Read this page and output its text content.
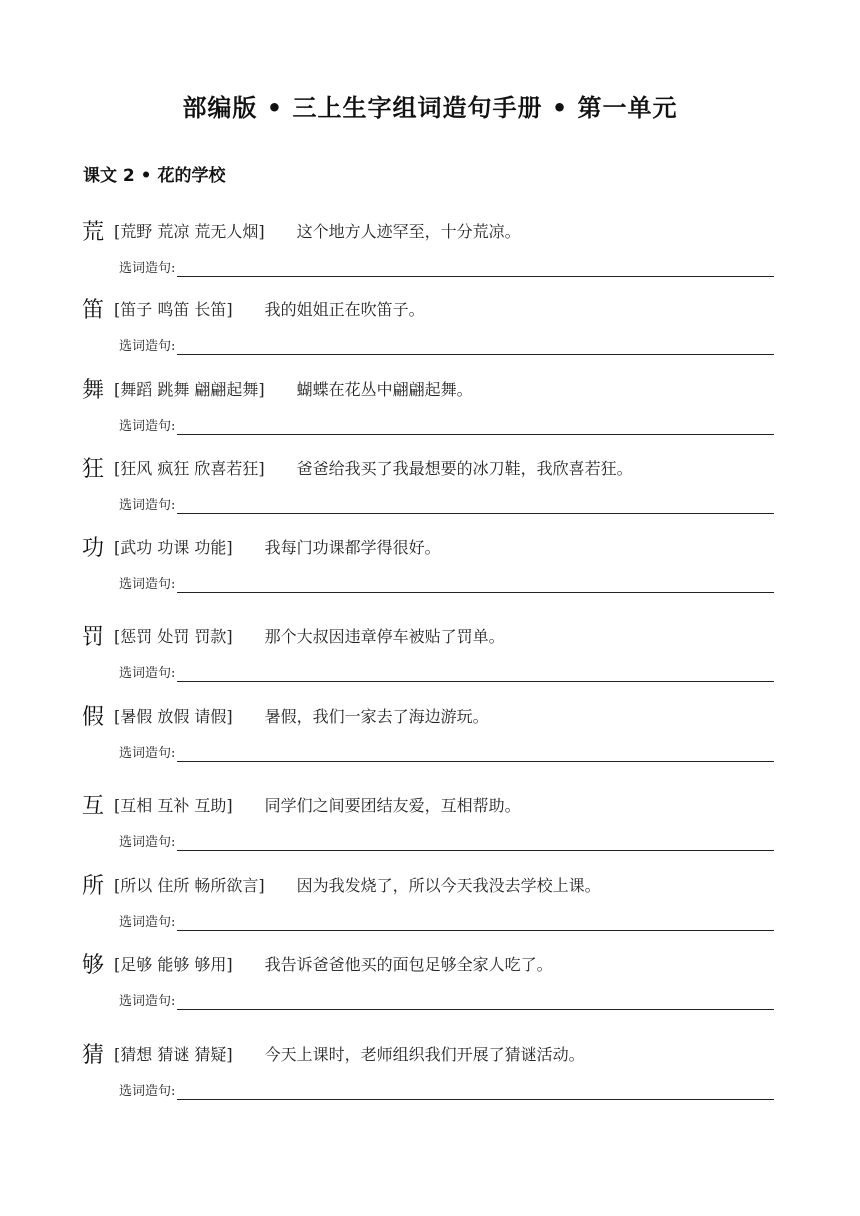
部编版 • 三上生字组词造句手册 • 第一单元
课文 2 • 花的学校
荒 [荒野 荒凉 荒无人烟] 这个地方人迹罕至，十分荒凉。
选词造句:
笛 [笛子 鸣笛 长笛] 我的姐姐正在吹笛子。
选词造句:
舞 [舞蹈 跳舞 翩翩起舞] 蝴蝶在花丛中翩翩起舞。
选词造句:
狂 [狂风 疯狂 欣喜若狂] 爸爸给我买了我最想要的冰刀鞋，我欣喜若狂。
选词造句:
功 [武功 功课 功能] 我每门功课都学得很好。
选词造句:
罚 [惩罚 处罚 罚款] 那个大叔因违章停车被贴了罚单。
选词造句:
假 [暑假 放假 请假] 暑假，我们一家去了海边游玩。
选词造句:
互 [互相 互补 互助] 同学们之间要团结友爱，互相帮助。
选词造句:
所 [所以 住所 畅所欲言] 因为我发烧了，所以今天我没去学校上课。
选词造句:
够 [足够 能够 够用] 我告诉爸爸他买的面包足够全家人吃了。
选词造句:
猜 [猜想 猜谜 猜疑] 今天上课时，老师组织我们开展了猜谜活动。
选词造句:
